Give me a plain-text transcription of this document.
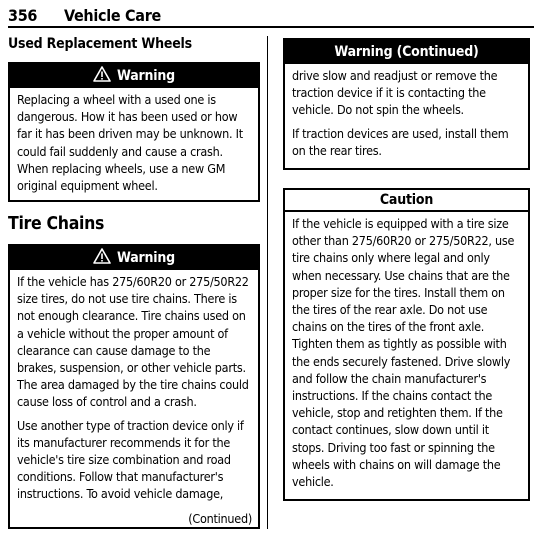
356 Vehicle Care
Used Replacement Wheels
Warning

Replacing a wheel with a used one is dangerous. How it has been used or how far it has been driven may be unknown. It could fail suddenly and cause a crash. When replacing wheels, use a new GM original equipment wheel.

Tire Chains
Warning

If the vehicle has 275/60R20 or 275/50R22 size tires, do not use tire chains. There is not enough clearance. Tire chains used on a vehicle without the proper amount of clearance can cause damage to the brakes, suspension, or other vehicle parts. The area damaged by the tire chains could cause loss of control and a crash.

Use another type of traction device only if its manufacturer recommends it for the vehicle's tire size combination and road conditions. Follow that manufacturer's instructions. To avoid vehicle damage,

(Continued)
Warning (Continued)

drive slow and readjust or remove the traction device if it is contacting the vehicle. Do not spin the wheels.

If traction devices are used, install them on the rear tires.

Caution

If the vehicle is equipped with a tire size other than 275/60R20 or 275/50R22, use tire chains only where legal and only when necessary. Use chains that are the proper size for the tires. Install them on the tires of the rear axle. Do not use chains on the tires of the front axle. Tighten them as tightly as possible with the ends securely fastened. Drive slowly and follow the chain manufacturer's instructions. If the chains contact the vehicle, stop and retighten them. If the contact continues, slow down until it stops. Driving too fast or spinning the wheels with chains on will damage the vehicle.
